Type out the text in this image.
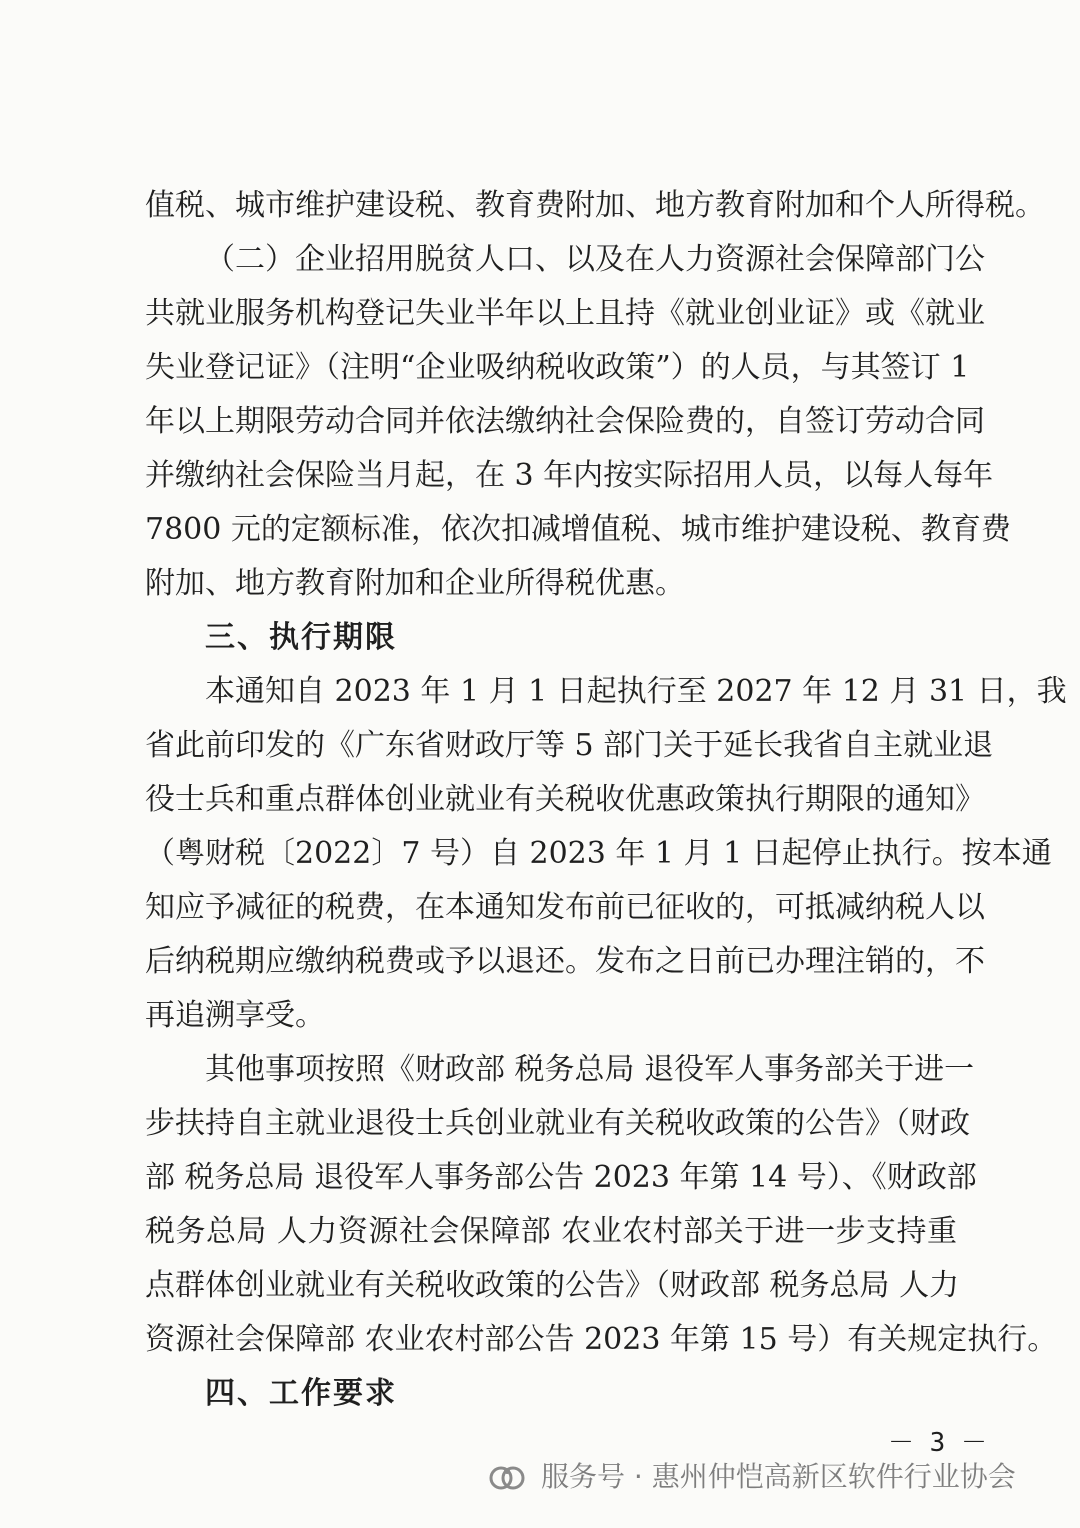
值税、城市维护建设税、教育费附加、地方教育附加和个人所得税。
（二）企业招用脱贫人口、以及在人力资源社会保障部门公
共就业服务机构登记失业半年以上且持《就业创业证》或《就业
失业登记证》（注明“企业吸纳税收政策”）的人员，与其签订 1
年以上期限劳动合同并依法缴纳社会保险费的，自签订劳动合同
并缴纳社会保险当月起，在 3 年内按实际招用人员，以每人每年
7800 元的定额标准，依次扣减增值税、城市维护建设税、教育费
附加、地方教育附加和企业所得税优惠。
三、执行期限
本通知自 2023 年 1 月 1 日起执行至 2027 年 12 月 31 日，我
省此前印发的《广东省财政厅等 5 部门关于延长我省自主就业退
役士兵和重点群体创业就业有关税收优惠政策执行期限的通知》
（粤财税〔2022〕7 号）自 2023 年 1 月 1 日起停止执行。按本通
知应予减征的税费，在本通知发布前已征收的，可抵减纳税人以
后纳税期应缴纳税费或予以退还。发布之日前已办理注销的，不
再追溯享受。
其他事项按照《财政部 税务总局 退役军人事务部关于进一
步扶持自主就业退役士兵创业就业有关税收政策的公告》（财政
部 税务总局 退役军人事务部公告 2023 年第 14 号）、《财政部
税务总局 人力资源社会保障部 农业农村部关于进一步支持重
点群体创业就业有关税收政策的公告》（财政部 税务总局 人力
资源社会保障部 农业农村部公告 2023 年第 15 号）有关规定执行。
四、工作要求
－ 3 －
服务号 · 惠州仲恺高新区软件行业协会
